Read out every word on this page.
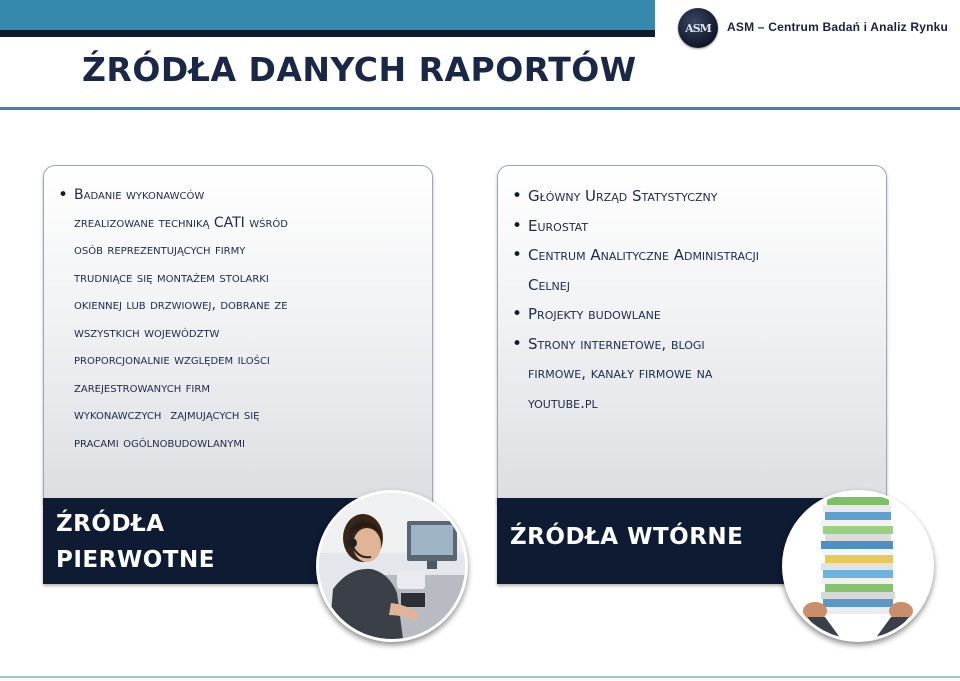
ASM ASM – Centrum Badań i Analiz Rynku
ŹRÓDŁA DANYCH RAPORTÓW
• Badanie wykonawców
zrealizowane techniką CATI wśród
osób reprezentujących firmy
trudniące się montażem stolarki
okiennej lub drzwiowej, dobrane ze
wszystkich województw
proporcjonalnie względem ilości
zarejestrowanych firm
wykonawczych  zajmujących się
pracami ogólnobudowlanymi
ŹRÓDŁA
PIERWOTNE
• Główny Urząd Statystyczny
• Eurostat
• Centrum Analityczne Administracji
Celnej
• Projekty budowlane
• Strony internetowe, blogi
firmowe, kanały firmowe na
youtube.pl
ŹRÓDŁA WTÓRNE
